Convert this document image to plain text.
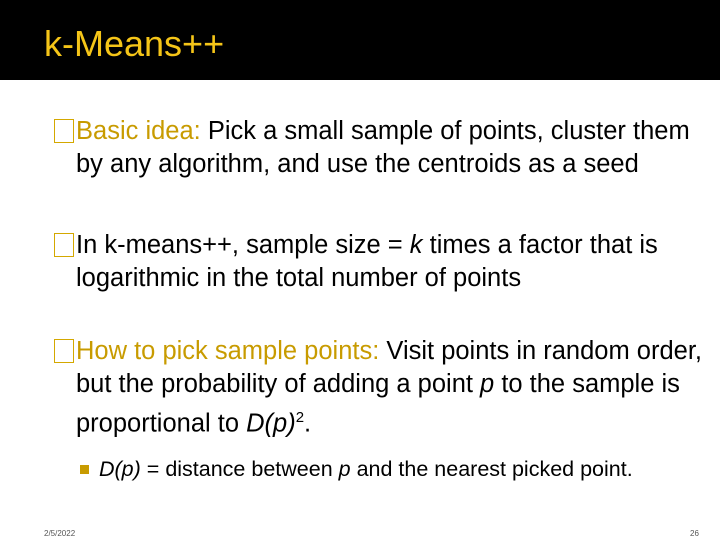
k-Means++
Basic idea: Pick a small sample of points, cluster them by any algorithm, and use the centroids as a seed
In k-means++, sample size = k times a factor that is logarithmic in the total number of points
How to pick sample points: Visit points in random order, but the probability of adding a point p to the sample is proportional to $D(p)^2$.
D(p) = distance between p and the nearest picked point.
2/5/2022	26
